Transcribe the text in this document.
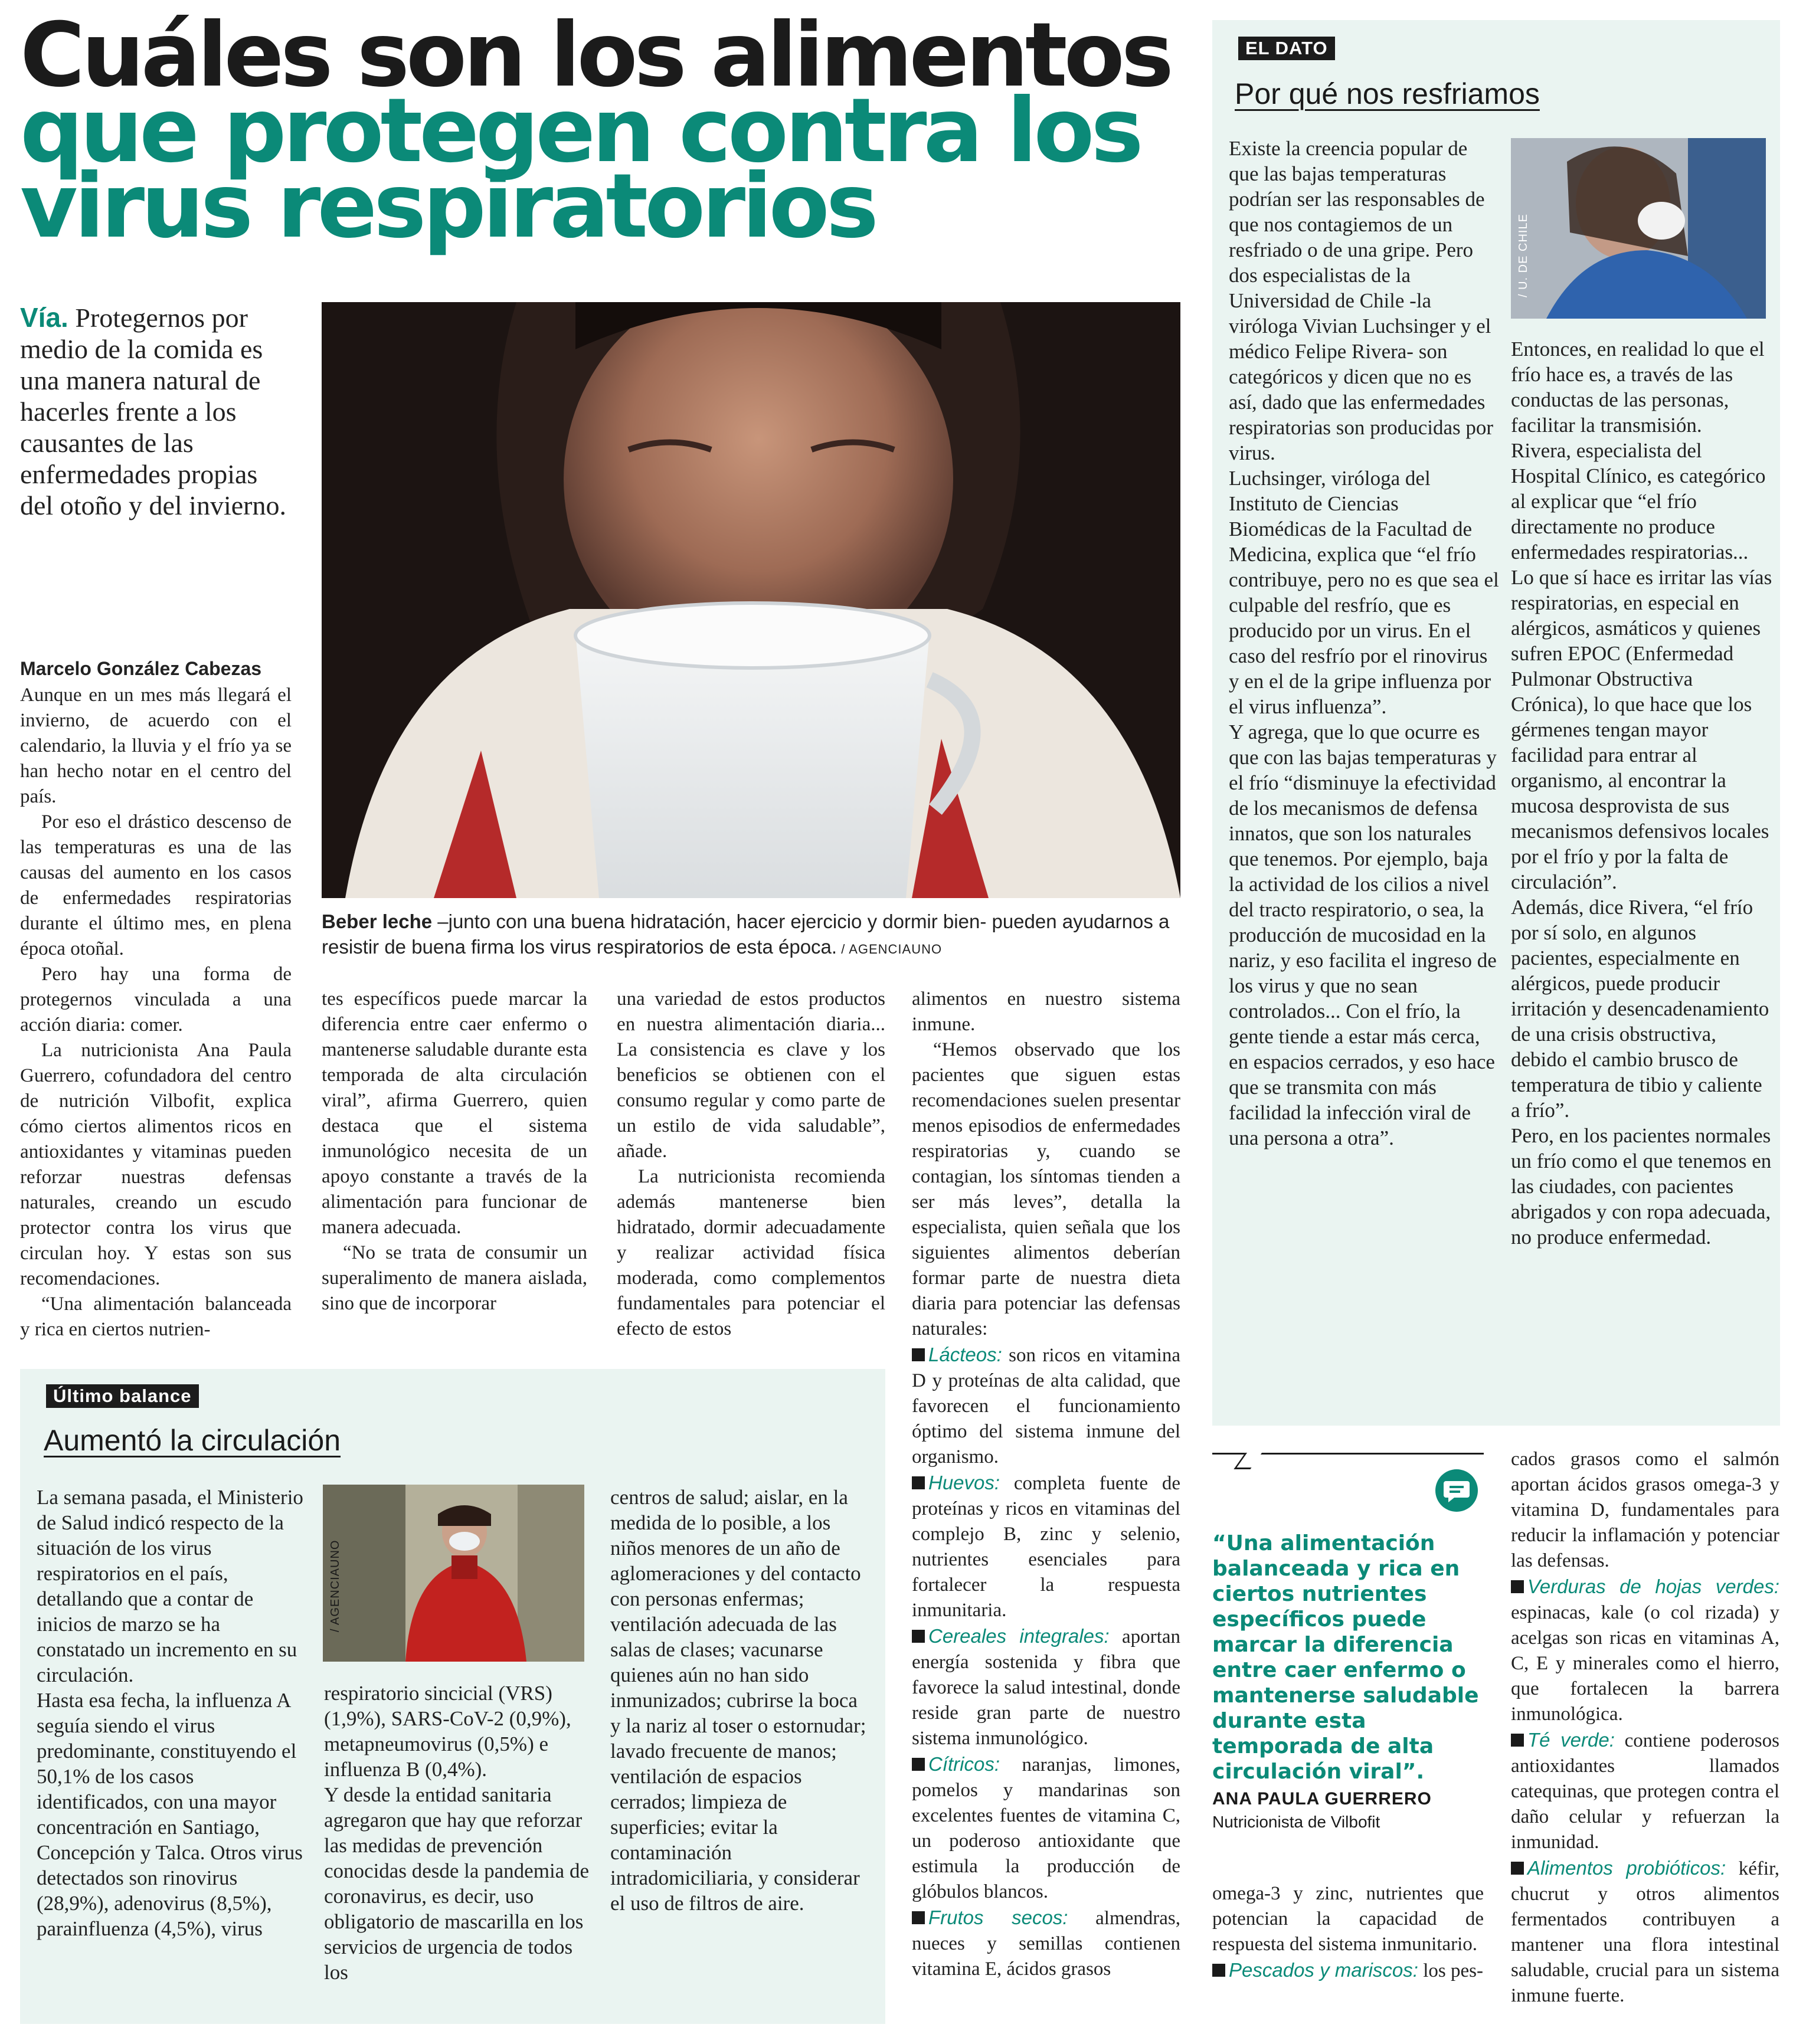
Cuáles son los alimentos
que protegen contra los
virus respiratorios
Vía. Protegernos por medio de la comida es una manera natural de hacerles frente a los causantes de las enfermedades propias del otoño y del invierno.
Beber leche –junto con una buena hidratación, hacer ejercicio y dormir bien- pueden ayudarnos a resistir de buena firma los virus respiratorios de esta época. / AGENCIAUNO

Marcelo González Cabezas

Aunque en un mes más llegará el invierno, de acuerdo con el calendario, la lluvia y el frío ya se han hecho notar en el centro del país.

Por eso el drástico descenso de las temperaturas es una de las causas del aumento en los casos de enfermedades respiratorias durante el último mes, en plena época otoñal.

Pero hay una forma de protegernos vinculada a una acción diaria: comer.

La nutricionista Ana Paula Guerrero, cofundadora del centro de nutrición Vilbofit, explica cómo ciertos alimentos ricos en antioxidantes y vitaminas pueden reforzar nuestras defensas naturales, creando un escudo protector contra los virus que circulan hoy. Y estas son sus recomendaciones.

“Una alimentación balanceada y rica en ciertos nutrien-

tes específicos puede marcar la diferencia entre caer enfermo o mantenerse saludable durante esta temporada de alta circulación viral”, afirma Guerrero, quien destaca que el sistema inmunológico necesita de un apoyo constante a través de la alimentación para funcionar de manera adecuada.

“No se trata de consumir un superalimento de manera aislada, sino que de incorporar

una variedad de estos productos en nuestra alimentación diaria... La consistencia es clave y los beneficios se obtienen con el consumo regular y como parte de un estilo de vida saludable”, añade.

La nutricionista recomienda además mantenerse bien hidratado, dormir adecuadamente y realizar actividad física moderada, como complementos fundamentales para potenciar el efecto de estos

alimentos en nuestro sistema inmune.

“Hemos observado que los pacientes que siguen estas recomendaciones suelen presentar menos episodios de enfermedades respiratorias y, cuando se contagian, los síntomas tienden a ser más leves”, detalla la especialista, quien señala que los siguientes alimentos deberían formar parte de nuestra dieta diaria para potenciar las defensas naturales:

Lácteos: son ricos en vitamina D y proteínas de alta calidad, que favorecen el funcionamiento óptimo del sistema inmune del organismo.

Huevos: completa fuente de proteínas y ricos en vitaminas del complejo B, zinc y selenio, nutrientes esenciales para fortalecer la respuesta inmunitaria.

Cereales integrales: aportan energía sostenida y fibra que favorece la salud intestinal, donde reside gran parte de nuestro sistema inmunológico.

Cítricos: naranjas, limones, pomelos y mandarinas son excelentes fuentes de vitamina C, un poderoso antioxidante que estimula la producción de glóbulos blancos.

Frutos secos: almendras, nueces y semillas contienen vitamina E, ácidos grasos

EL DATO
Por qué nos resfriamos

Existe la creencia popular de que las bajas temperaturas podrían ser las responsables de que nos contagiemos de un resfriado o de una gripe. Pero dos especialistas de la Universidad de Chile -la viróloga Vivian Luchsinger y el médico Felipe Rivera- son categóricos y dicen que no es así, dado que las enfermedades respiratorias son producidas por virus.

Luchsinger, viróloga del Instituto de Ciencias Biomédicas de la Facultad de Medicina, explica que “el frío contribuye, pero no es que sea el culpable del resfrío, que es producido por un virus. En el caso del resfrío por el rinovirus y en el de la gripe influenza por el virus influenza”.

Y agrega, que lo que ocurre es que con las bajas temperaturas y el frío “disminuye la efectividad de los mecanismos de defensa innatos, que son los naturales que tenemos. Por ejemplo, baja la actividad de los cilios a nivel del tracto respiratorio, o sea, la producción de mucosidad en la nariz, y eso facilita el ingreso de los virus y que no sean controlados... Con el frío, la gente tiende a estar más cerca, en espacios cerrados, y eso hace que se transmita con más facilidad la infección viral de una persona a otra”.

Entonces, en realidad lo que el frío hace es, a través de las conductas de las personas, facilitar la transmisión.

Rivera, especialista del Hospital Clínico, es categórico al explicar que “el frío directamente no produce enfermedades respiratorias... Lo que sí hace es irritar las vías respiratorias, en especial en alérgicos, asmáticos y quienes sufren EPOC (Enfermedad Pulmonar Obstructiva Crónica), lo que hace que los gérmenes tengan mayor facilidad para entrar al organismo, al encontrar la mucosa desprovista de sus mecanismos defensivos locales por el frío y por la falta de circulación”.

Además, dice Rivera, “el frío por sí solo, en algunos pacientes, especialmente en alérgicos, puede producir irritación y desencadenamiento de una crisis obstructiva, debido el cambio brusco de temperatura de tibio y caliente a frío”.

Pero, en los pacientes normales un frío como el que tenemos en las ciudades, con pacientes abrigados y con ropa adecuada, no produce enfermedad.

/ U. DE CHILE
Último balance
Aumentó la circulación

La semana pasada, el Ministerio de Salud indicó respecto de la situación de los virus respiratorios en el país, detallando que a contar de inicios de marzo se ha constatado un incremento en su circulación.

Hasta esa fecha, la influenza A seguía siendo el virus predominante, constituyendo el 50,1% de los casos identificados, con una mayor concentración en Santiago, Concepción y Talca. Otros virus detectados son rinovirus (28,9%), adenovirus (8,5%), parainfluenza (4,5%), virus

respiratorio sincicial (VRS) (1,9%), SARS-CoV-2 (0,9%), metapneumovirus (0,5%) e influenza B (0,4%).

Y desde la entidad sanitaria agregaron que hay que reforzar las medidas de prevención conocidas desde la pandemia de coronavirus, es decir, uso obligatorio de mascarilla en los servicios de urgencia de todos los

centros de salud; aislar, en la medida de lo posible, a los niños menores de un año de aglomeraciones y del contacto con personas enfermas; ventilación adecuada de las salas de clases; vacunarse quienes aún no han sido inmunizados; cubrirse la boca y la nariz al toser o estornudar; lavado frecuente de manos; ventilación de espacios cerrados; limpieza de superficies; evitar la contaminación intradomiciliaria, y considerar el uso de filtros de aire.

/ AGENCIAUNO	“Una alimentación balanceada y rica en ciertos nutrientes específicos puede marcar la diferencia entre caer enfermo o mantenerse saludable durante esta temporada de alta circulación viral”.
ANA PAULA GUERRERO
Nutricionista de Vilbofit

omega-3 y zinc, nutrientes que potencian la capacidad de respuesta del sistema inmunitario.

Pescados y mariscos: los pes-

cados grasos como el salmón aportan ácidos grasos omega-3 y vitamina D, fundamentales para reducir la inflamación y potenciar las defensas.

Verduras de hojas verdes: espinacas, kale (o col rizada) y acelgas son ricas en vitaminas A, C, E y minerales como el hierro, que fortalecen la barrera inmunológica.

Té verde: contiene poderosos antioxidantes llamados catequinas, que protegen contra el daño celular y refuerzan la inmunidad.

Alimentos probióticos: kéfir, chucrut y otros alimentos fermentados contribuyen a mantener una flora intestinal saludable, crucial para un sistema inmune fuerte.
